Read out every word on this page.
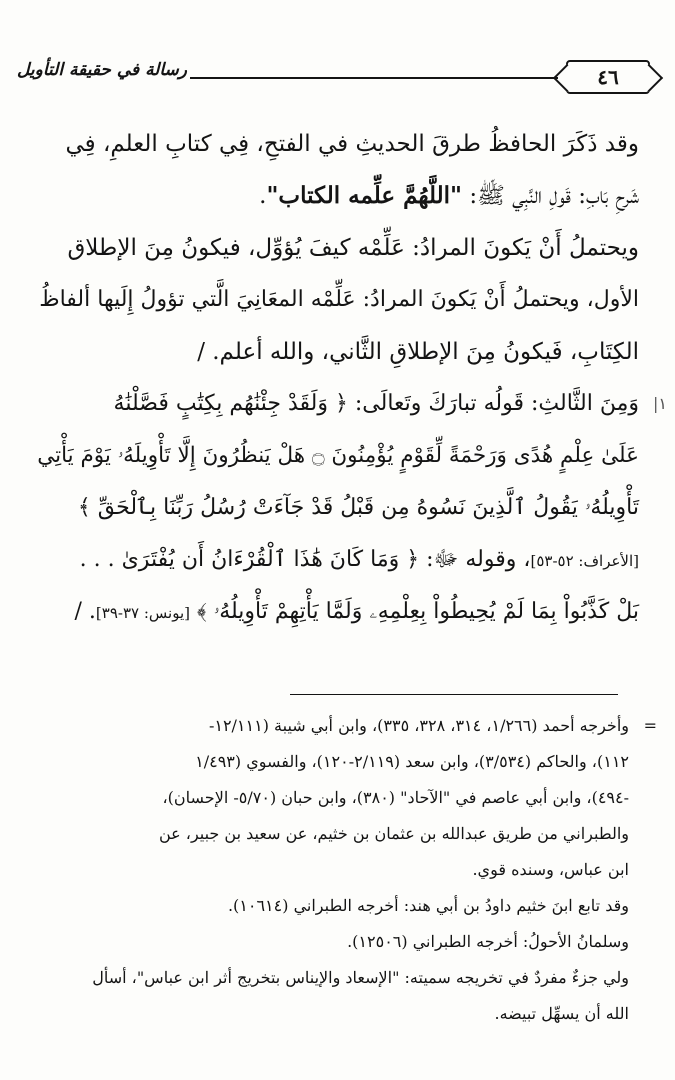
٤٦
رسالة في حقيقة التأويل
وقد ذَكَرَ الحافظُ طرقَ الحديثِ في الفتحِ، فِي كتابِ العلمِ، فِي
شَرحِ بَابِ: قَولِ النَّبِي ﷺ: "اللَّهُمَّ علِّمه الكتاب".
ويحتملُ أَنْ يَكونَ المرادُ: عَلِّمْه كيفَ يُؤوِّل، فيكونُ مِنَ الإطلاق
الأول، ويحتملُ أَنْ يَكونَ المرادُ: عَلِّمْه المعَانِيَ الَّتي تؤولُ إِلَيها ألفاظُ
الكِتَابِ، فَيكونُ مِنَ الإطلاقِ الثَّاني، والله أعلم. /
١|
وَمِنَ الثَّالثِ: قَولُه تبارَكَ وتَعالَى: ﴿ وَلَقَدْ جِئْنَٰهُم بِكِتَٰبٍ فَصَّلْنَٰهُ
عَلَىٰ عِلْمٍ هُدًى وَرَحْمَةً لِّقَوْمٍ يُؤْمِنُونَ ۝ هَلْ يَنظُرُونَ إِلَّا تَأْوِيلَهُۥ يَوْمَ يَأْتِي
تَأْوِيلُهُۥ يَقُولُ ٱلَّذِينَ نَسُوهُ مِن قَبْلُ قَدْ جَآءَتْ رُسُلُ رَبِّنَا بِٱلْحَقِّ ﴾
[الأعراف: ٥٢-٥٣]، وقوله ﷻ: ﴿ وَمَا كَانَ هَٰذَا ٱلْقُرْءَانُ أَن يُفْتَرَىٰ . . .
بَلْ كَذَّبُواْ بِمَا لَمْ يُحِيطُواْ بِعِلْمِهِۦ وَلَمَّا يَأْتِهِمْ تَأْوِيلُهُۥ ﴾ [يونس: ٣٧-٣٩]. /
=
وأخرجه أحمد (١/٢٦٦، ٣١٤، ٣٢٨، ٣٣٥)، وابن أبي شيبة (١٢/١١١-
١١٢)، والحاكم (٣/٥٣٤)، وابن سعد (٢/١١٩-١٢٠)، والفسوي (١/٤٩٣
-٤٩٤)، وابن أبي عاصم في "الآحاد" (٣٨٠)، وابن حبان (٥/٧٠- الإحسان)،
والطبراني من طريق عبدالله بن عثمان بن خثيم، عن سعيد بن جبير، عن
ابن عباس، وسنده قوي.
وقد تابع ابنَ خثيم داودُ بن أبي هند: أخرجه الطبراني (١٠٦١٤).
وسلمانُ الأحولُ: أخرجه الطبراني (١٢٥٠٦).
ولي جزءٌ مفردٌ في تخريجه سميته: "الإسعاد والإيناس بتخريج أثر ابن عباس"، أسأل
الله أن يسهِّل تبيضه.
